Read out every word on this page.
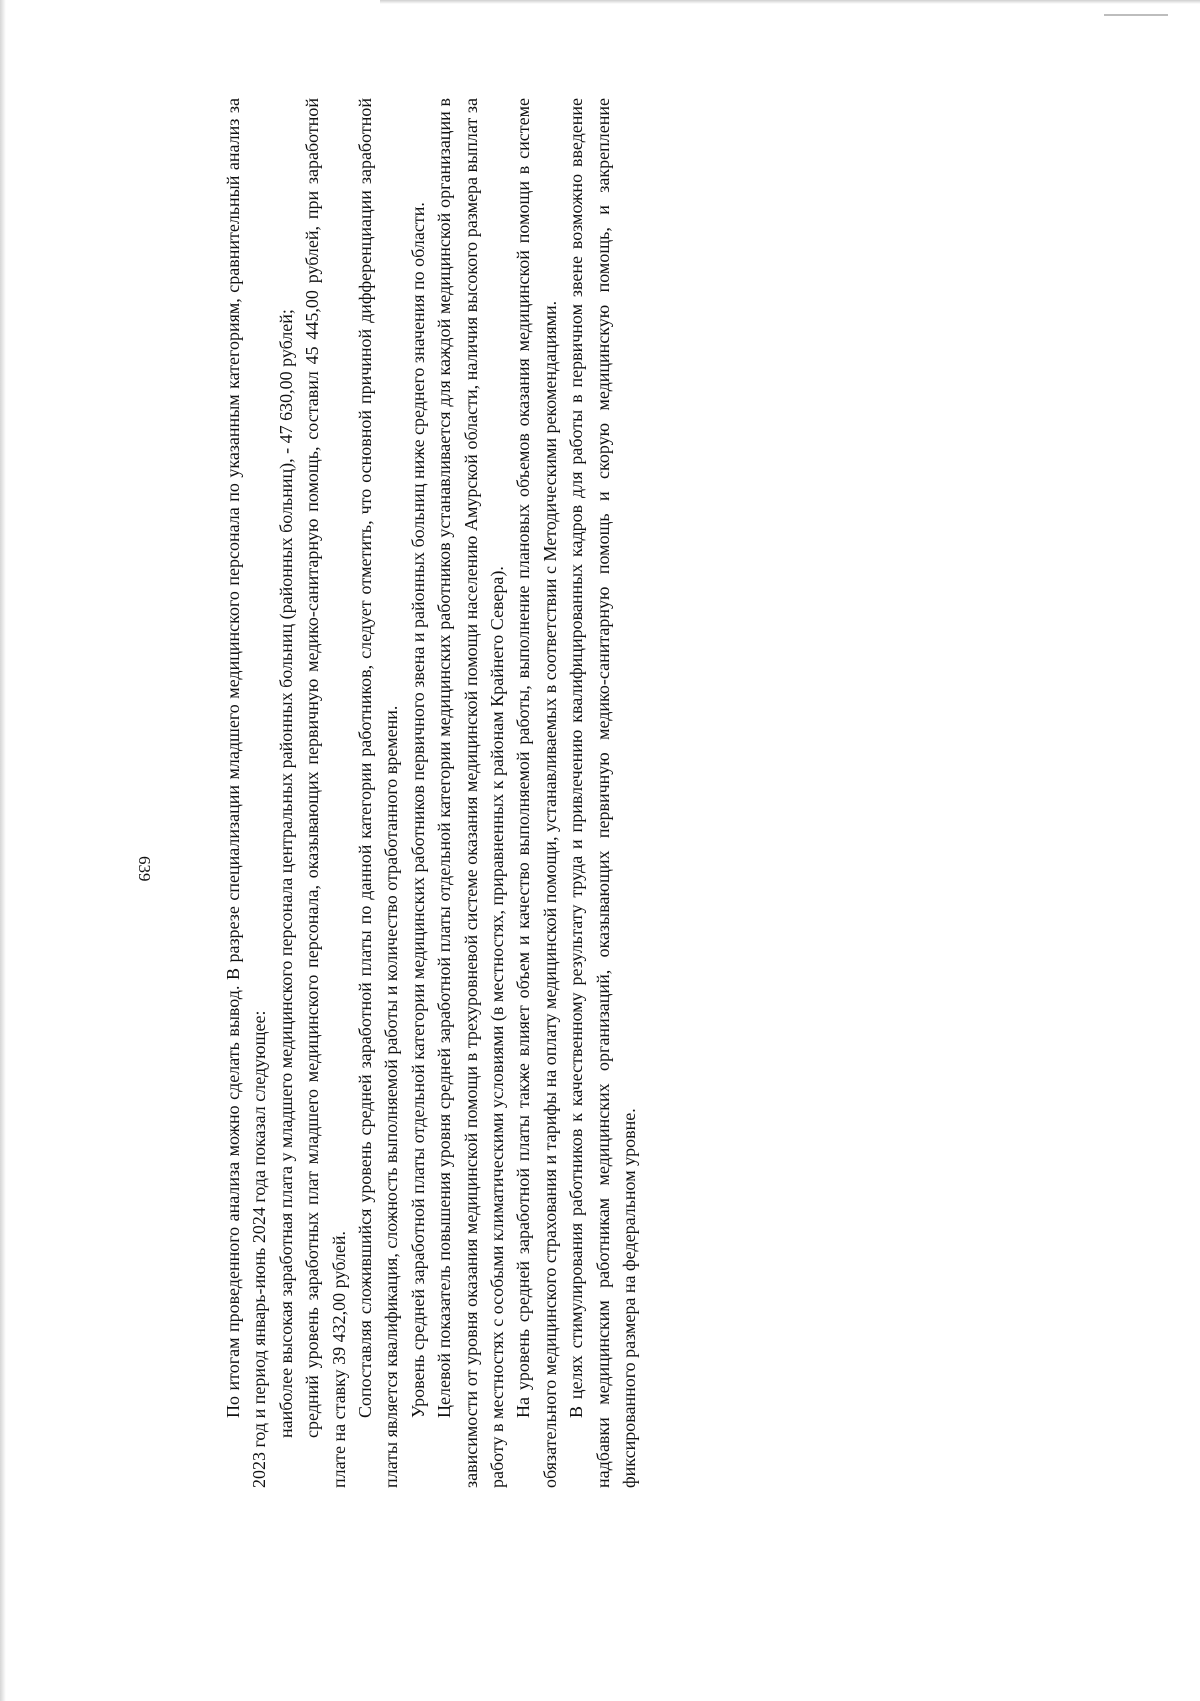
639	По итогам проведенного анализа можно сделать вывод. В разрезе специализации младшего медицинского персонала по указанным категориям, сравнительный анализ за 2023 год и период январь-июнь 2024 года показал следующее: наиболее высокая заработная плата у младшего медицинского персонала центральных районных больниц (районных больниц), - 47 630,00 рублей; средний уровень заработных плат младшего медицинского персонала, оказывающих первичную медико-санитарную помощь, составил 45 445,00 рублей, при заработной плате на ставку 39 432,00 рублей. Сопоставляя сложившийся уровень средней заработной платы по данной категории работников, следует отметить, что основной причиной дифференциации заработной платы является квалификация, сложность выполняемой работы и количество отработанного времени. Уровень средней заработной платы отдельной категории медицинских работников первичного звена и районных больниц ниже среднего значения по области. Целевой показатель повышения уровня средней заработной платы отдельной категории медицинских работников устанавливается для каждой медицинской организации в зависимости от уровня оказания медицинской помощи в трехуровневой системе оказания медицинской помощи населению Амурской области, наличия высокого размера выплат за работу в местностях с особыми климатическими условиями (в местностях, приравненных к районам Крайнего Севера). На уровень средней заработной платы также влияет объем и качество выполняемой работы, выполнение плановых объемов оказания медицинской помощи в системе обязательного медицинского страхования и тарифы на оплату медицинской помощи, устанавливаемых в соответствии с Методическими рекомендациями. В целях стимулирования работников к качественному результату труда и привлечению квалифицированных кадров для работы в первичном звене возможно введение надбавки медицинским работникам медицинских организаций, оказывающих первичную медико-санитарную помощь и скорую медицинскую помощь, и закрепление фиксированного размера на федеральном уровне.
